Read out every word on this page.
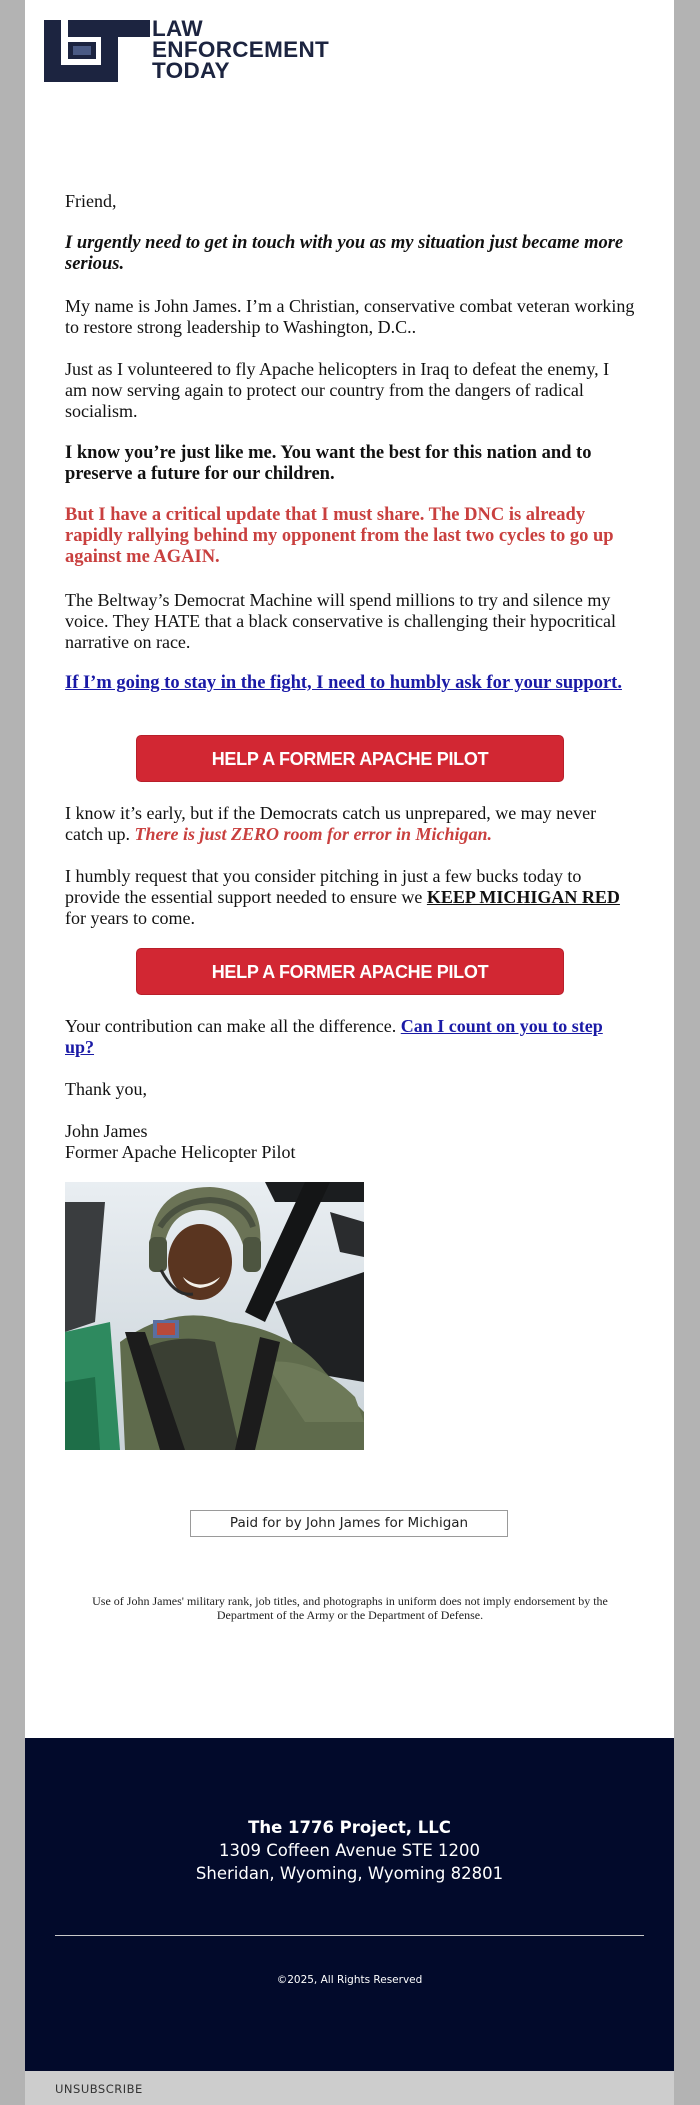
LAW
ENFORCEMENT
TODAY

Friend,

I urgently need to get in touch with you as my situation just became more serious.

My name is John James. I’m a Christian, conservative combat veteran working to restore strong leadership to Washington, D.C..

Just as I volunteered to fly Apache helicopters in Iraq to defeat the enemy, I am now serving again to protect our country from the dangers of radical socialism.

I know you’re just like me. You want the best for this nation and to preserve a future for our children.

But I have a critical update that I must share. The DNC is already rapidly rallying behind my opponent from the last two cycles to go up against me AGAIN.

The Beltway’s Democrat Machine will spend millions to try and silence my voice. They HATE that a black conservative is challenging their hypocritical narrative on race.

If I’m going to stay in the fight, I need to humbly ask for your support.

I know it’s early, but if the Democrats catch us unprepared, we may never catch up. There is just ZERO room for error in Michigan.

I humbly request that you consider pitching in just a few bucks today to provide the essential support needed to ensure we KEEP MICHIGAN RED for years to come.

Your contribution can make all the difference. Can I count on you to step up?

Thank you,

John James
Former Apache Helicopter Pilot

HELP A FORMER APACHE PILOT
HELP A FORMER APACHE PILOT
Paid for by John James for Michigan
Use of John James' military rank, job titles, and photographs in uniform does not imply endorsement by the Department of the Army or the Department of Defense.
The 1776 Project, LLC
1309 Coffeen Avenue STE 1200
Sheridan, Wyoming, Wyoming 82801
©2025, All Rights Reserved
UNSUBSCRIBE
